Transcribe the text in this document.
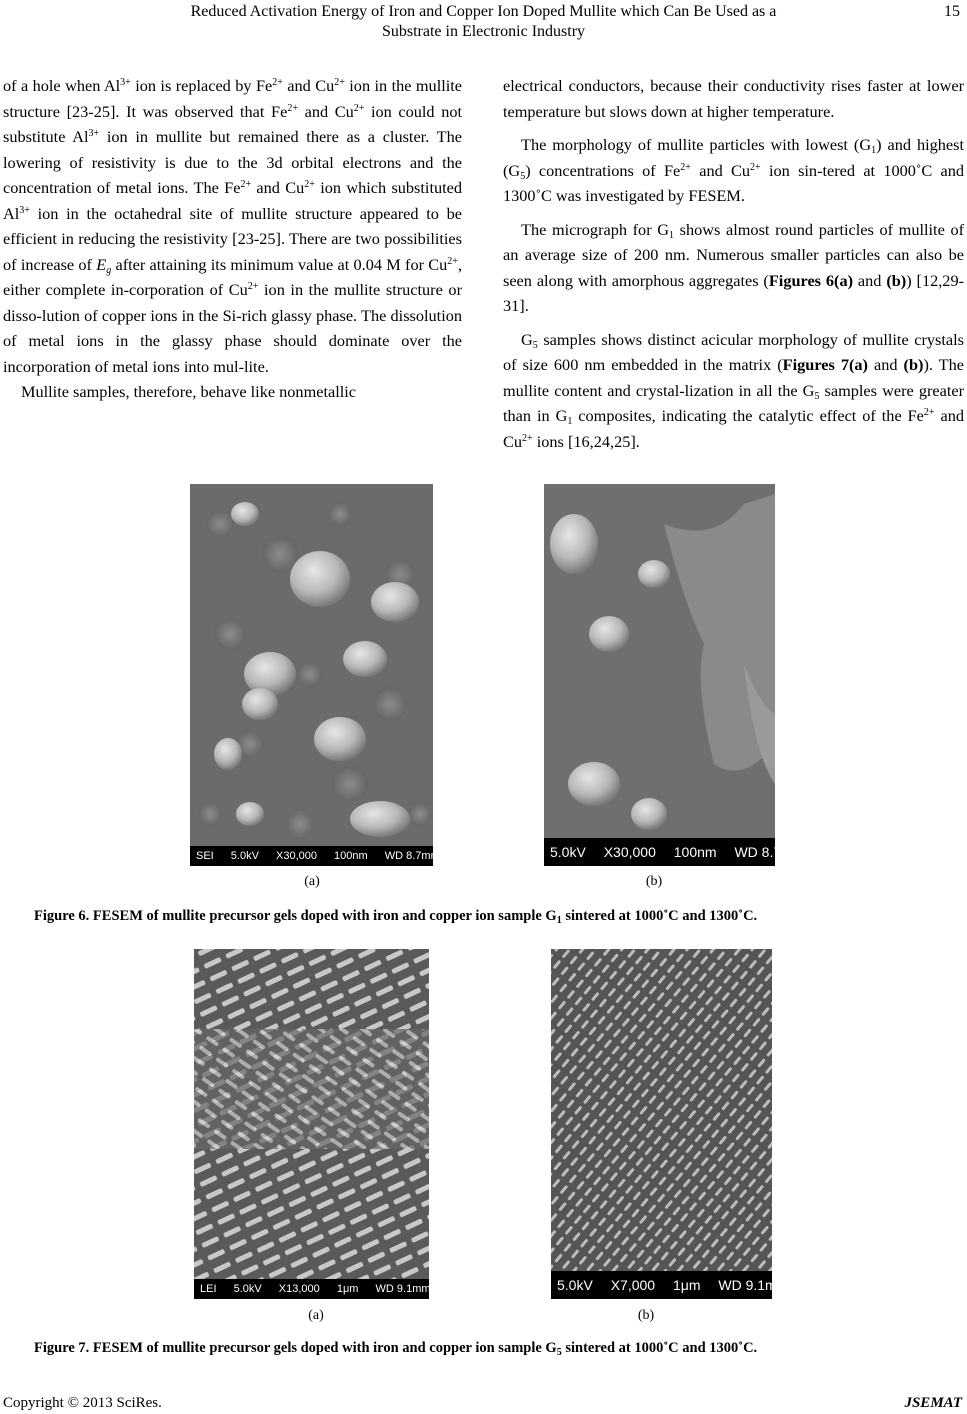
Reduced Activation Energy of Iron and Copper Ion Doped Mullite which Can Be Used as a
Substrate in Electronic Industry
15

of a hole when $Al^{3+}$ ion is replaced by $Fe^{2+}$ and $Cu^{2+}$ ion in the mullite structure [23-25]. It was observed that $Fe^{2+}$ and $Cu^{2+}$ ion could not substitute $Al^{3+}$ ion in mullite but remained there as a cluster. The lowering of resistivity is due to the 3d orbital electrons and the concentration of metal ions. The $Fe^{2+}$ and $Cu^{2+}$ ion which substituted $Al^{3+}$ ion in the octahedral site of mullite structure appeared to be efficient in reducing the resistivity [23-25]. There are two possibilities of increase of $E_g$ after attaining its minimum value at 0.04 M for $Cu^{2+}$, either complete in-corporation of $Cu^{2+}$ ion in the mullite structure or disso-lution of copper ions in the Si-rich glassy phase. The dissolution of metal ions in the glassy phase should dominate over the incorporation of metal ions into mul-lite.

Mullite samples, therefore, behave like nonmetallic

electrical conductors, because their conductivity rises faster at lower temperature but slows down at higher temperature.

The morphology of mullite particles with lowest $(G_1)$ and highest $(G_5)$ concentrations of $Fe^{2+}$ and $Cu^{2+}$ ion sin-tered at 1000˚C and 1300˚C was investigated by FESEM.

The micrograph for $G_1$ shows almost round particles of mullite of an average size of 200 nm. Numerous smaller particles can also be seen along with amorphous aggregates (Figures 6(a) and (b)) [12,29-31].

$G_5$ samples shows distinct acicular morphology of mullite crystals of size 600 nm embedded in the matrix (Figures 7(a) and (b)). The mullite content and crystal-lization in all the $G_5$ samples were greater than in $G_1$ composites, indicating the catalytic effect of the $Fe^{2+}$ and $Cu^{2+}$ ions [16,24,25].

SEI 5.0kV X30,000 100nm WD 8.7mm
(a)
5.0kV X30,000 100nm WD 8.7mm
(b)
Figure 6. FESEM of mullite precursor gels doped with iron and copper ion sample $G_1$ sintered at 1000˚C and 1300˚C.
LEI 5.0kV X13,000 1μm WD 9.1mm
(a)
5.0kV X7,000 1μm WD 9.1mm
(b)
Figure 7. FESEM of mullite precursor gels doped with iron and copper ion sample $G_5$ sintered at 1000˚C and 1300˚C.
Copyright © 2013 SciRes.	JSEMAT
